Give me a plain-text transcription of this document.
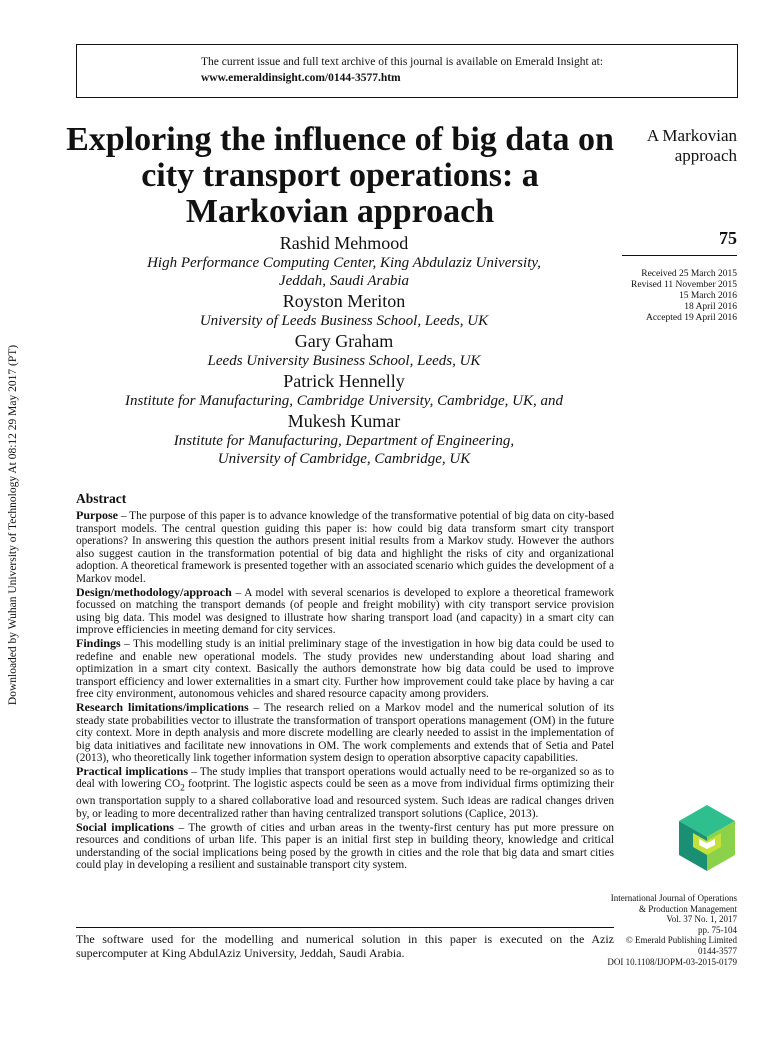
Downloaded by Wuhan University of Technology At 08:12 29 May 2017 (PT)
The current issue and full text archive of this journal is available on Emerald Insight at:
www.emeraldinsight.com/0144-3577.htm
Exploring the influence of big data on city transport operations: a Markovian approach
A Markovian
approach
75
Received 25 March 2015
Revised 11 November 2015
15 March 2016
18 April 2016
Accepted 19 April 2016
Rashid Mehmood
High Performance Computing Center, King Abdulaziz University,
Jeddah, Saudi Arabia
Royston Meriton
University of Leeds Business School, Leeds, UK
Gary Graham
Leeds University Business School, Leeds, UK
Patrick Hennelly
Institute for Manufacturing, Cambridge University, Cambridge, UK, and
Mukesh Kumar
Institute for Manufacturing, Department of Engineering,
University of Cambridge, Cambridge, UK
Abstract

Purpose – The purpose of this paper is to advance knowledge of the transformative potential of big data on city-based transport models. The central question guiding this paper is: how could big data transform smart city transport operations? In answering this question the authors present initial results from a Markov study. However the authors also suggest caution in the transformation potential of big data and highlight the risks of city and organizational adoption. A theoretical framework is presented together with an associated scenario which guides the development of a Markov model.

Design/methodology/approach – A model with several scenarios is developed to explore a theoretical framework focussed on matching the transport demands (of people and freight mobility) with city transport service provision using big data. This model was designed to illustrate how sharing transport load (and capacity) in a smart city can improve efficiencies in meeting demand for city services.

Findings – This modelling study is an initial preliminary stage of the investigation in how big data could be used to redefine and enable new operational models. The study provides new understanding about load sharing and optimization in a smart city context. Basically the authors demonstrate how big data could be used to improve transport efficiency and lower externalities in a smart city. Further how improvement could take place by having a car free city environment, autonomous vehicles and shared resource capacity among providers.

Research limitations/implications – The research relied on a Markov model and the numerical solution of its steady state probabilities vector to illustrate the transformation of transport operations management (OM) in the future city context. More in depth analysis and more discrete modelling are clearly needed to assist in the implementation of big data initiatives and facilitate new innovations in OM. The work complements and extends that of Setia and Patel (2013), who theoretically link together information system design to operation absorptive capacity capabilities.

Practical implications – The study implies that transport operations would actually need to be re-organized so as to deal with lowering $CO_2$ footprint. The logistic aspects could be seen as a move from individual firms optimizing their own transportation supply to a shared collaborative load and resourced system. Such ideas are radical changes driven by, or leading to more decentralized rather than having centralized transport solutions (Caplice, 2013).

Social implications – The growth of cities and urban areas in the twenty-first century has put more pressure on resources and conditions of urban life. This paper is an initial first step in building theory, knowledge and critical understanding of the social implications being posed by the growth in cities and the role that big data and smart cities could play in developing a resilient and sustainable transport city system.

International Journal of Operations
& Production Management
Vol. 37 No. 1, 2017
pp. 75-104
© Emerald Publishing Limited
0144-3577
DOI 10.1108/IJOPM-03-2015-0179
The software used for the modelling and numerical solution in this paper is executed on the Aziz supercomputer at King AbdulAziz University, Jeddah, Saudi Arabia.
